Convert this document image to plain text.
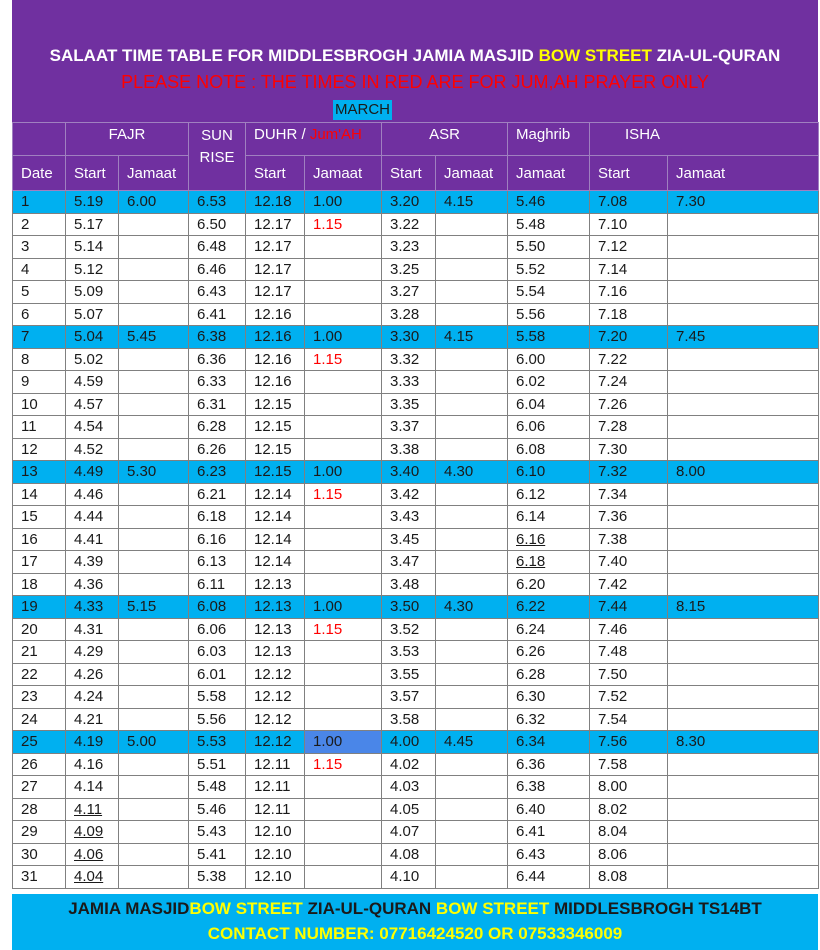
SALAAT TIME TABLE FOR MIDDLESBROGH JAMIA MASJID BOW STREET ZIA-UL-QURAN
PLEASE NOTE : THE TIMES IN RED ARE FOR JUM,AH PRAYER ONLY
MARCH
	FAJR		SUN RISE	DUHR / Jum'AH		ASR		Maghrib	ISHA	
Date	Start	Jamaat		Start	Jamaat	Start	Jamaat	Jamaat	Start	Jamaat
1	5.19	6.00	6.53	12.18	1.00	3.20	4.15	5.46	7.08	7.30
2	5.17		6.50	12.17	1.15	3.22		5.48	7.10	
3	5.14		6.48	12.17		3.23		5.50	7.12	
4	5.12		6.46	12.17		3.25		5.52	7.14	
5	5.09		6.43	12.17		3.27		5.54	7.16	
6	5.07		6.41	12.16		3.28		5.56	7.18	
7	5.04	5.45	6.38	12.16	1.00	3.30	4.15	5.58	7.20	7.45
8	5.02		6.36	12.16	1.15	3.32		6.00	7.22	
9	4.59		6.33	12.16		3.33		6.02	7.24	
10	4.57		6.31	12.15		3.35		6.04	7.26	
11	4.54		6.28	12.15		3.37		6.06	7.28	
12	4.52		6.26	12.15		3.38		6.08	7.30	
13	4.49	5.30	6.23	12.15	1.00	3.40	4.30	6.10	7.32	8.00
14	4.46		6.21	12.14	1.15	3.42		6.12	7.34	
15	4.44		6.18	12.14		3.43		6.14	7.36	
16	4.41		6.16	12.14		3.45		6.16	7.38	
17	4.39		6.13	12.14		3.47		6.18	7.40	
18	4.36		6.11	12.13		3.48		6.20	7.42	
19	4.33	5.15	6.08	12.13	1.00	3.50	4.30	6.22	7.44	8.15
20	4.31		6.06	12.13	1.15	3.52		6.24	7.46	
21	4.29		6.03	12.13		3.53		6.26	7.48	
22	4.26		6.01	12.12		3.55		6.28	7.50	
23	4.24		5.58	12.12		3.57		6.30	7.52	
24	4.21		5.56	12.12		3.58		6.32	7.54	
25	4.19	5.00	5.53	12.12	1.00	4.00	4.45	6.34	7.56	8.30
26	4.16		5.51	12.11	1.15	4.02		6.36	7.58	
27	4.14		5.48	12.11		4.03		6.38	8.00	
28	4.11		5.46	12.11		4.05		6.40	8.02	
29	4.09		5.43	12.10		4.07		6.41	8.04	
30	4.06		5.41	12.10		4.08		6.43	8.06	
31	4.04		5.38	12.10		4.10		6.44	8.08	
JAMIA MASJIDBOW STREET ZIA-UL-QURAN BOW STREET MIDDLESBROGH TS14BT
CONTACT NUMBER: 07716424520 OR 07533346009
